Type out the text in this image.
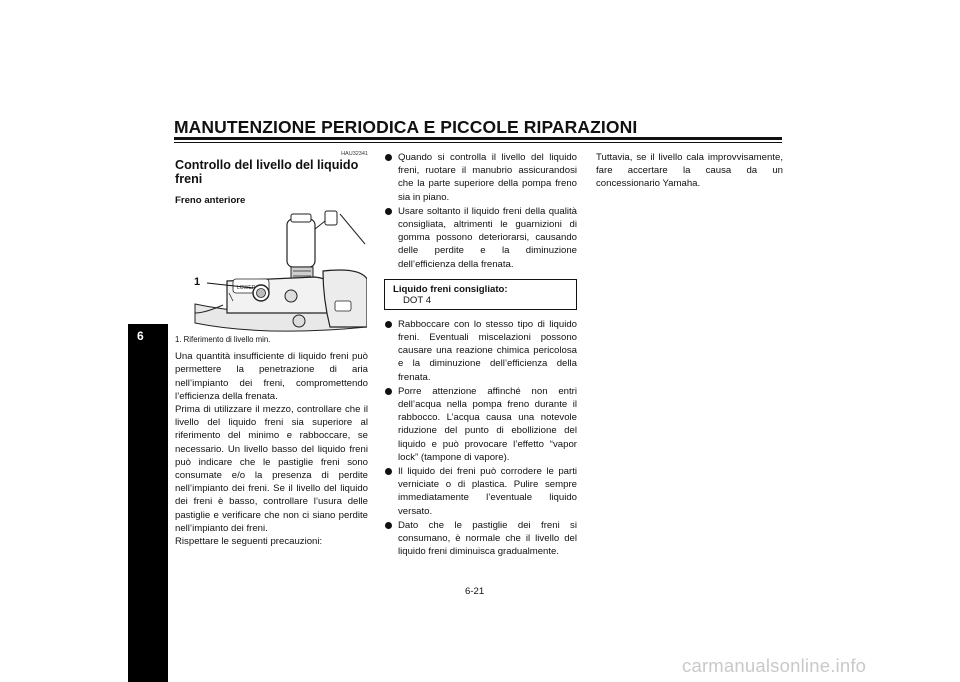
MANUTENZIONE PERIODICA E PICCOLE RIPARAZIONI
6
HAU32341
Controllo del livello del liquido freni
Freno anteriore
LOWER
1
1. Riferimento di livello min.

Una quantità insufficiente di liquido freni può permettere la penetrazione di aria nell’impianto dei freni, compromettendo l’efficienza della frenata.

Prima di utilizzare il mezzo, controllare che il livello del liquido freni sia superiore al riferimento del minimo e rabboccare, se necessario. Un livello basso del liquido freni può indicare che le pastiglie freni sono consumate e/o la presenza di perdite nell’impianto dei freni. Se il livello del liquido dei freni è basso, controllare l’usura delle pastiglie e verificare che non ci siano perdite nell’impianto dei freni.

Rispettare le seguenti precauzioni:

Quando si controlla il livello del liquido freni, ruotare il manubrio assicurandosi che la parte superiore della pompa freno sia in piano.
Usare soltanto il liquido freni della qualità consigliata, altrimenti le guarnizioni di gomma possono deteriorarsi, causando delle perdite e la diminuzione dell’efficienza della frenata.
Liquido freni consigliato:
DOT 4
Rabboccare con lo stesso tipo di liquido freni. Eventuali miscelazioni possono causare una reazione chimica pericolosa e la diminuzione dell’efficienza della frenata.
Porre attenzione affinché non entri dell’acqua nella pompa freno durante il rabbocco. L’acqua causa una notevole riduzione del punto di ebollizione del liquido e può provocare l’effetto “vapor lock” (tampone di vapore).
Il liquido dei freni può corrodere le parti verniciate o di plastica. Pulire sempre immediatamente l’eventuale liquido versato.
Dato che le pastiglie dei freni si consumano, è normale che il livello del liquido freni diminuisca gradualmente.

Tuttavia, se il livello cala improvvisamente, fare accertare la causa da un concessionario Yamaha.

6-21
carmanualsonline.info
